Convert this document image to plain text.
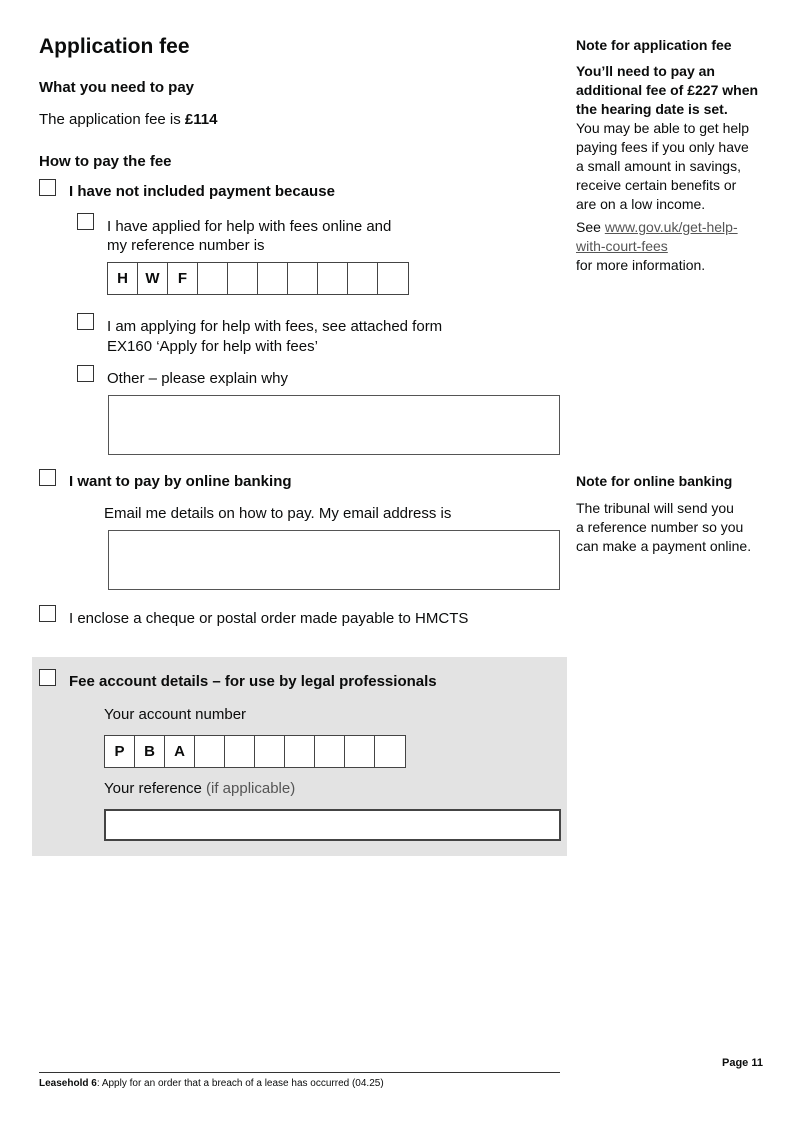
Application fee
What you need to pay
The application fee is £114
How to pay the fee
I have not included payment because
I have applied for help with fees online and
my reference number is
H	W	F
I am applying for help with fees, see attached form
EX160 ‘Apply for help with fees’
Other – please explain why
I want to pay by online banking
Email me details on how to pay. My email address is
I enclose a cheque or postal order made payable to HMCTS
Fee account details – for use by legal professionals
Your account number
P	B	A
Your reference (if applicable)
Note for application fee
You’ll need to pay an
additional fee of £227 when
the hearing date is set.
You may be able to get help
paying fees if you only have
a small amount in savings,
receive certain benefits or
are on a low income.
See www.gov.uk/get-help-
with-court-fees
for more information.
Note for online banking
The tribunal will send you
a reference number so you
can make a payment online.
Page 11
Leasehold 6: Apply for an order that a breach of a lease has occurred (04.25)
